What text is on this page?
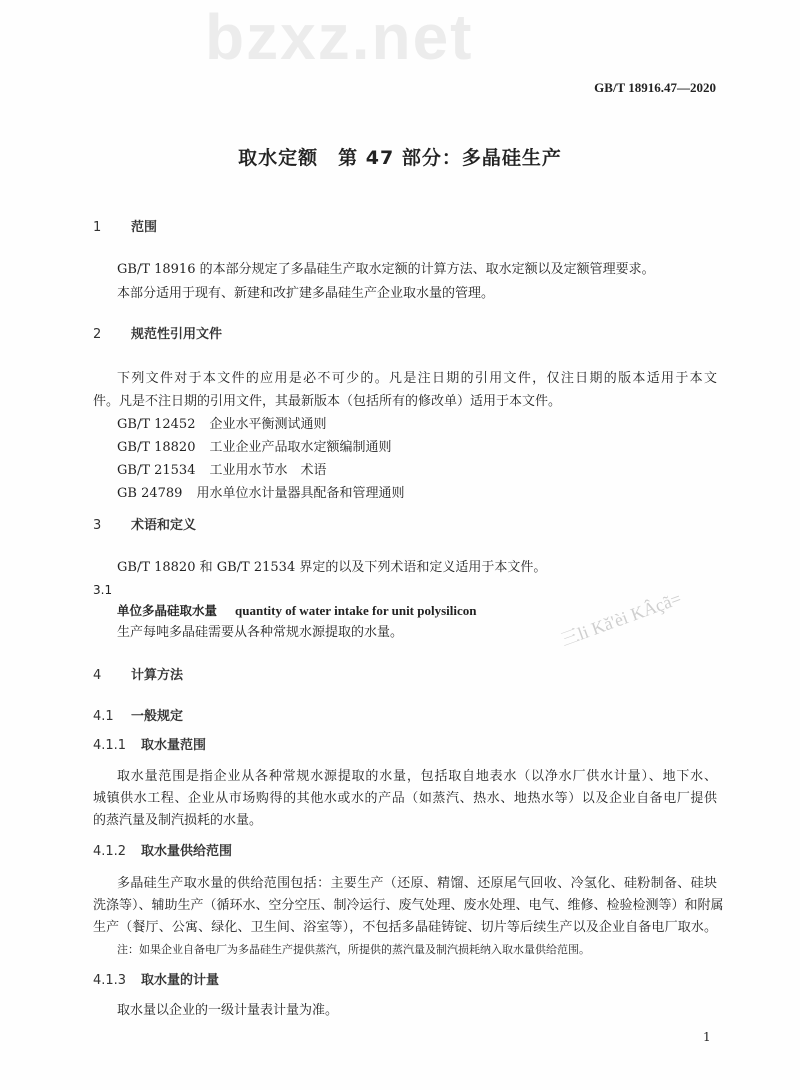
bzxz.net
三li Kǎ'èi KÂçã=
GB/T 18916.47—2020
取水定额　第 47 部分：多晶硅生产
1 范围
GB/T 18916 的本部分规定了多晶硅生产取水定额的计算方法、取水定额以及定额管理要求。
本部分适用于现有、新建和改扩建多晶硅生产企业取水量的管理。
2 规范性引用文件
下列文件对于本文件的应用是必不可少的。凡是注日期的引用文件，仅注日期的版本适用于本文
件。凡是不注日期的引用文件，其最新版本（包括所有的修改单）适用于本文件。
GB/T 12452 企业水平衡测试通则
GB/T 18820 工业企业产品取水定额编制通则
GB/T 21534 工业用水节水　术语
GB 24789 用水单位水计量器具配备和管理通则
3 术语和定义
GB/T 18820 和 GB/T 21534 界定的以及下列术语和定义适用于本文件。
3.1
单位多晶硅取水量 quantity of water intake for unit polysilicon
生产每吨多晶硅需要从各种常规水源提取的水量。
4 计算方法
4.1 一般规定
4.1.1 取水量范围
取水量范围是指企业从各种常规水源提取的水量，包括取自地表水（以净水厂供水计量）、地下水、
城镇供水工程、企业从市场购得的其他水或水的产品（如蒸汽、热水、地热水等）以及企业自备电厂提供
的蒸汽量及制汽损耗的水量。
4.1.2 取水量供给范围
多晶硅生产取水量的供给范围包括：主要生产（还原、精馏、还原尾气回收、冷氢化、硅粉制备、硅块
洗涤等）、辅助生产（循环水、空分空压、制冷运行、废气处理、废水处理、电气、维修、检验检测等）和附属
生产（餐厅、公寓、绿化、卫生间、浴室等），不包括多晶硅铸锭、切片等后续生产以及企业自备电厂取水。
注：如果企业自备电厂为多晶硅生产提供蒸汽，所提供的蒸汽量及制汽损耗纳入取水量供给范围。
4.1.3 取水量的计量
取水量以企业的一级计量表计量为准。
1
